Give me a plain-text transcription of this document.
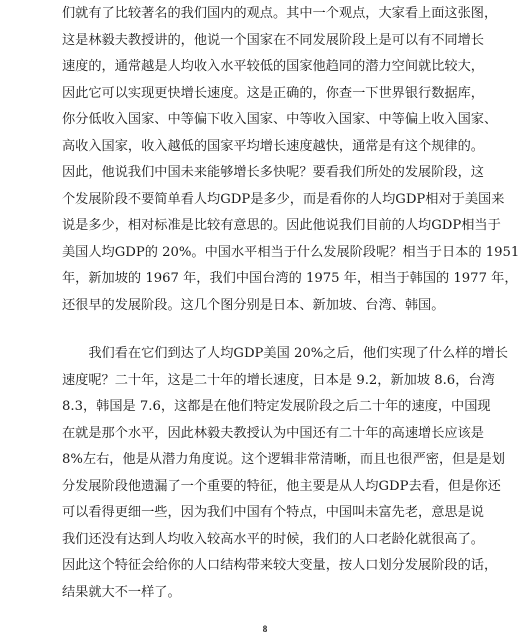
们就有了比较著名的我们国内的观点。其中一个观点，大家看上面这张图，
这是林毅夫教授讲的，他说一个国家在不同发展阶段上是可以有不同增长
速度的，通常越是人均收入水平较低的国家他趋同的潜力空间就比较大，
因此它可以实现更快增长速度。这是正确的，你查一下世界银行数据库，
你分低收入国家、中等偏下收入国家、中等收入国家、中等偏上收入国家、
高收入国家，收入越低的国家平均增长速度越快，通常是有这个规律的。
因此，他说我们中国未来能够增长多快呢？要看我们所处的发展阶段，这
个发展阶段不要简单看人均GDP是多少，而是看你的人均GDP相对于美国来
说是多少，相对标准是比较有意思的。因此他说我们目前的人均GDP相当于
美国人均GDP的 20%。中国水平相当于什么发展阶段呢？相当于日本的 1951
年，新加坡的 1967 年，我们中国台湾的 1975 年，相当于韩国的 1977 年，
还很早的发展阶段。这几个图分别是日本、新加坡、台湾、韩国。
　　我们看在它们到达了人均GDP美国 20%之后，他们实现了什么样的增长
速度呢？二十年，这是二十年的增长速度，日本是 9.2，新加坡 8.6，台湾
8.3，韩国是 7.6，这都是在他们特定发展阶段之后二十年的速度，中国现
在就是那个水平，因此林毅夫教授认为中国还有二十年的高速增长应该是
8%左右，他是从潜力角度说。这个逻辑非常清晰，而且也很严密，但是是划
分发展阶段他遗漏了一个重要的特征，他主要是从人均GDP去看，但是你还
可以看得更细一些，因为我们中国有个特点，中国叫未富先老，意思是说
我们还没有达到人均收入较高水平的时候，我们的人口老龄化就很高了。
因此这个特征会给你的人口结构带来较大变量，按人口划分发展阶段的话，
结果就大不一样了。
8
